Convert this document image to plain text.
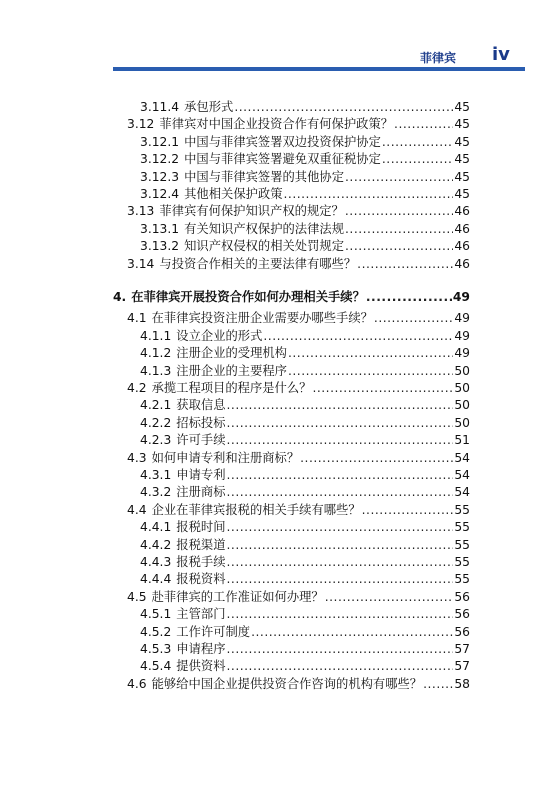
菲律宾 iv
3.11.4 承包形式 .....	45
3.12 菲律宾对中国企业投资合作有何保护政策？ .....	45
3.12.1 中国与菲律宾签署双边投资保护协定 .....	45
3.12.2 中国与菲律宾签署避免双重征税协定 .....	45
3.12.3 中国与菲律宾签署的其他协定 .....	45
3.12.4 其他相关保护政策 .....	45
3.13 菲律宾有何保护知识产权的规定？ .....	46
3.13.1 有关知识产权保护的法律法规 .....	46
3.13.2 知识产权侵权的相关处罚规定 .....	46
3.14 与投资合作相关的主要法律有哪些？ .....	46
4. 在菲律宾开展投资合作如何办理相关手续？ .....	49
4.1 在菲律宾投资注册企业需要办哪些手续？ .....	49
4.1.1 设立企业的形式 .....	49
4.1.2 注册企业的受理机构 .....	49
4.1.3 注册企业的主要程序 .....	50
4.2 承揽工程项目的程序是什么？ .....	50
4.2.1 获取信息 .....	50
4.2.2 招标投标 .....	50
4.2.3 许可手续 .....	51
4.3 如何申请专利和注册商标？ .....	54
4.3.1 申请专利 .....	54
4.3.2 注册商标 .....	54
4.4 企业在菲律宾报税的相关手续有哪些？ .....	55
4.4.1 报税时间 .....	55
4.4.2 报税渠道 .....	55
4.4.3 报税手续 .....	55
4.4.4 报税资料 .....	55
4.5 赴菲律宾的工作准证如何办理？ .....	56
4.5.1 主管部门 .....	56
4.5.2 工作许可制度 .....	56
4.5.3 申请程序 .....	57
4.5.4 提供资料 .....	57
4.6 能够给中国企业提供投资合作咨询的机构有哪些？ .....	58
